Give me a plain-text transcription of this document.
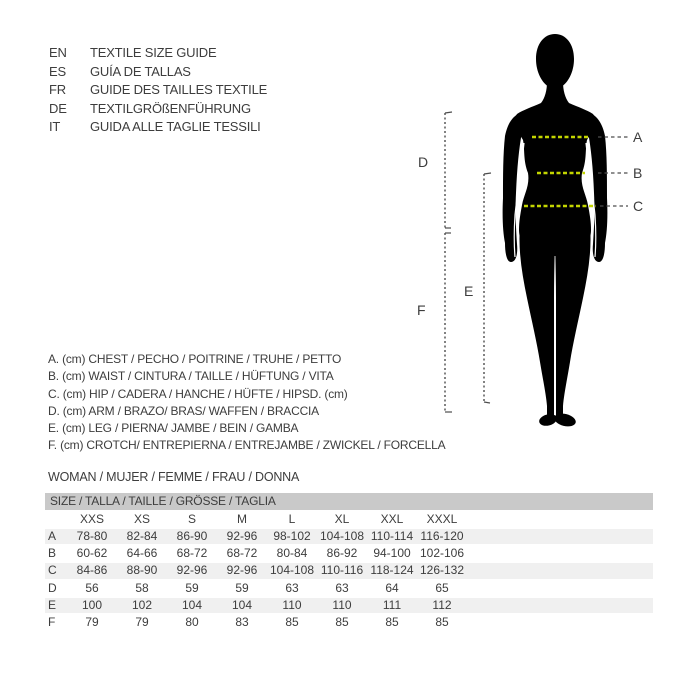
EN	TEXTILE SIZE GUIDE
ES	GUÍA DE TALLAS
FR	GUIDE DES TAILLES TEXTILE
DE	TEXTILGRÖßENFÜHRUNG
IT	GUIDA ALLE TAGLIE TESSILI
A
B
C
D
E
F
A. (cm) CHEST / PECHO / POITRINE / TRUHE / PETTO
B. (cm) WAIST / CINTURA / TAILLE / HÜFTUNG / VITA
C. (cm) HIP / CADERA / HANCHE / HÜFTE / HIPSD. (cm)
D. (cm) ARM / BRAZO/ BRAS/ WAFFEN / BRACCIA
E. (cm) LEG / PIERNA/ JAMBE / BEIN / GAMBA
F. (cm) CROTCH/ ENTREPIERNA / ENTREJAMBE / ZWICKEL / FORCELLA
WOMAN / MUJER / FEMME / FRAU / DONNA
SIZE / TALLA / TAILLE / GRÖSSE / TAGLIA
XXS	XS	S	M	L	XL	XXL	XXXL
A	78-80	82-84	86-90	92-96	98-102 104-108 110-114 116-120
B	60-62	64-66	68-72	68-72	80-84	86-92	94-100 102-106
C	84-86	88-90	92-96	92-96	104-108 110-116 118-124 126-132
D	56	58	59	59	63	63	64	65
E	100	102	104	104	110	110	111	112
F	79	79	80	83	85	85	85	85
